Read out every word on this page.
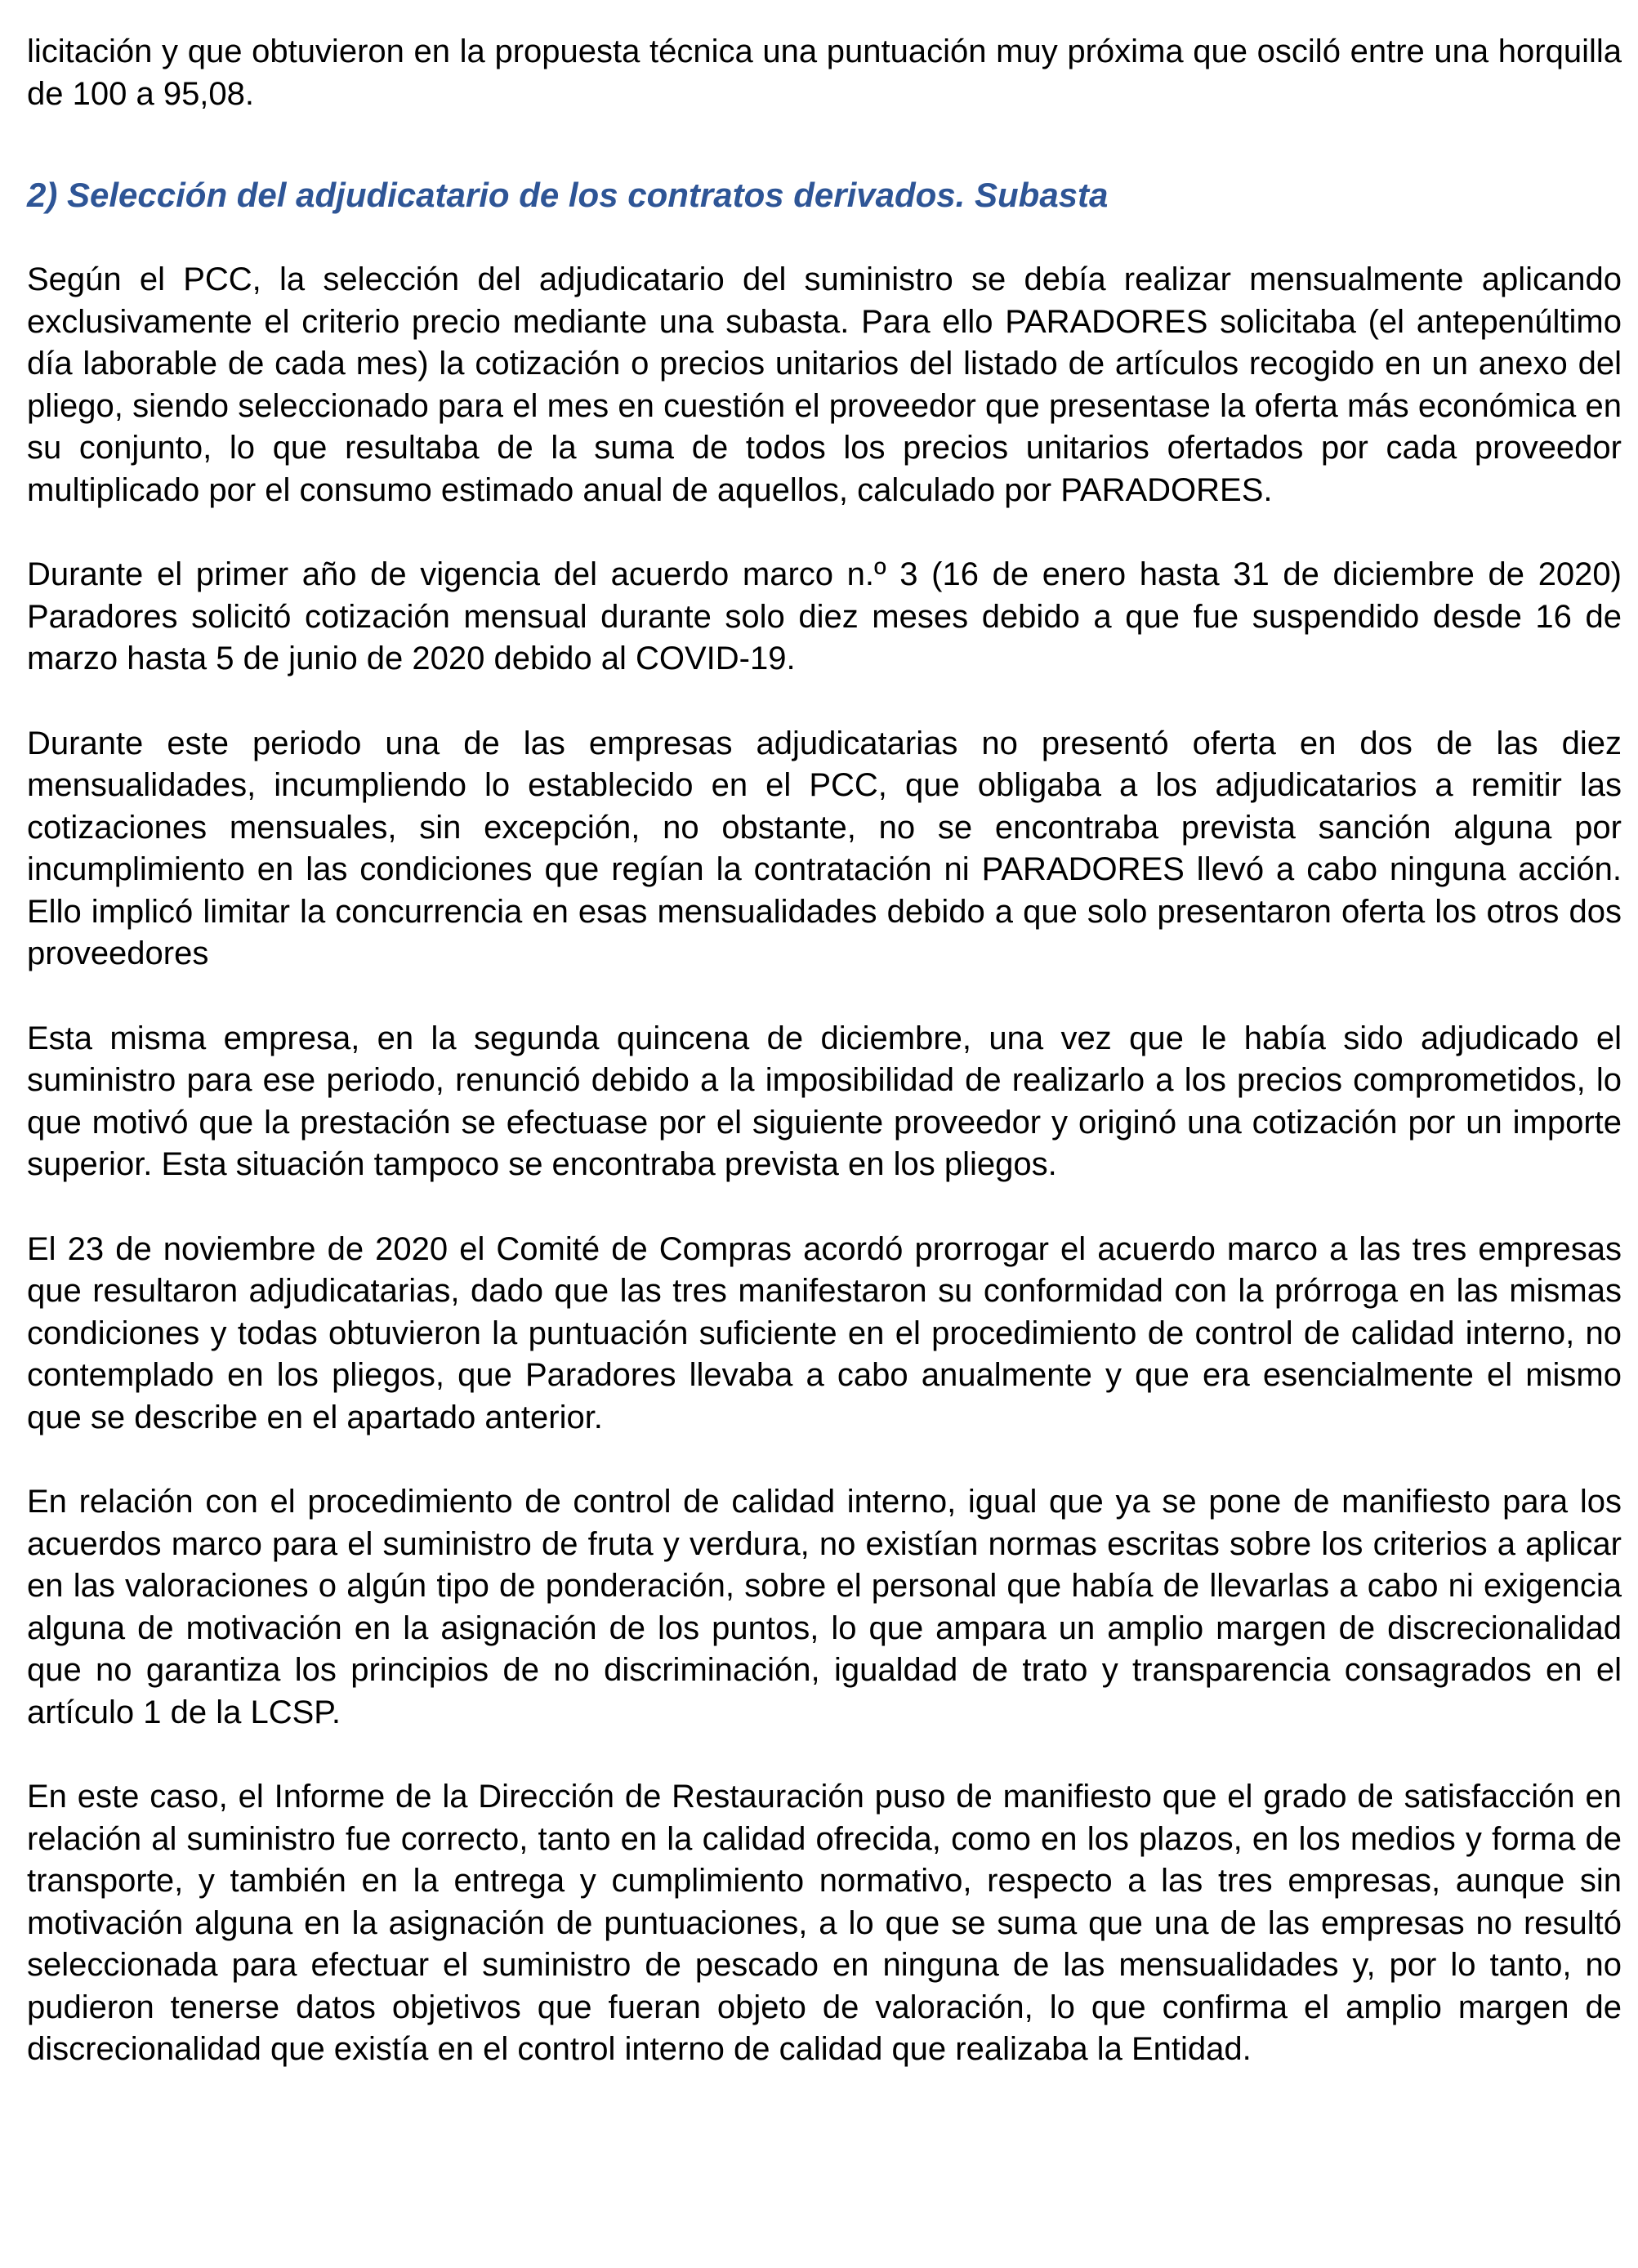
licitación y que obtuvieron en la propuesta técnica una puntuación muy próxima que osciló entre una horquilla de 100 a 95,08.

2) Selección del adjudicatario de los contratos derivados. Subasta

Según el PCC, la selección del adjudicatario del suministro se debía realizar mensualmente aplicando exclusivamente el criterio precio mediante una subasta. Para ello PARADORES solicitaba (el antepenúltimo día laborable de cada mes) la cotización o precios unitarios del listado de artículos recogido en un anexo del pliego, siendo seleccionado para el mes en cuestión el proveedor que presentase la oferta más económica en su conjunto, lo que resultaba de la suma de todos los precios unitarios ofertados por cada proveedor multiplicado por el consumo estimado anual de aquellos, calculado por PARADORES.

Durante el primer año de vigencia del acuerdo marco n.º 3 (16 de enero hasta 31 de diciembre de 2020) Paradores solicitó cotización mensual durante solo diez meses debido a que fue suspendido desde 16 de marzo hasta 5 de junio de 2020 debido al COVID-19.

Durante este periodo una de las empresas adjudicatarias no presentó oferta en dos de las diez mensualidades, incumpliendo lo establecido en el PCC, que obligaba a los adjudicatarios a remitir las cotizaciones mensuales, sin excepción, no obstante, no se encontraba prevista sanción alguna por incumplimiento en las condiciones que regían la contratación ni PARADORES llevó a cabo ninguna acción. Ello implicó limitar la concurrencia en esas mensualidades debido a que solo presentaron oferta los otros dos proveedores

Esta misma empresa, en la segunda quincena de diciembre, una vez que le había sido adjudicado el suministro para ese periodo, renunció debido a la imposibilidad de realizarlo a los precios comprometidos, lo que motivó que la prestación se efectuase por el siguiente proveedor y originó una cotización por un importe superior. Esta situación tampoco se encontraba prevista en los pliegos.

El 23 de noviembre de 2020 el Comité de Compras acordó prorrogar el acuerdo marco a las tres empresas que resultaron adjudicatarias, dado que las tres manifestaron su conformidad con la prórroga en las mismas condiciones y todas obtuvieron la puntuación suficiente en el procedimiento de control de calidad interno, no contemplado en los pliegos, que Paradores llevaba a cabo anualmente y que era esencialmente el mismo que se describe en el apartado anterior.

En relación con el procedimiento de control de calidad interno, igual que ya se pone de manifiesto para los acuerdos marco para el suministro de fruta y verdura, no existían normas escritas sobre los criterios a aplicar en las valoraciones o algún tipo de ponderación, sobre el personal que había de llevarlas a cabo ni exigencia alguna de motivación en la asignación de los puntos, lo que ampara un amplio margen de discrecionalidad que no garantiza los principios de no discriminación, igualdad de trato y transparencia consagrados en el artículo 1 de la LCSP.

En este caso, el Informe de la Dirección de Restauración puso de manifiesto que el grado de satisfacción en relación al suministro fue correcto, tanto en la calidad ofrecida, como en los plazos, en los medios y forma de transporte, y también en la entrega y cumplimiento normativo, respecto a las tres empresas, aunque sin motivación alguna en la asignación de puntuaciones, a lo que se suma que una de las empresas no resultó seleccionada para efectuar el suministro de pescado en ninguna de las mensualidades y, por lo tanto, no pudieron tenerse datos objetivos que fueran objeto de valoración, lo que confirma el amplio margen de discrecionalidad que existía en el control interno de calidad que realizaba la Entidad.
